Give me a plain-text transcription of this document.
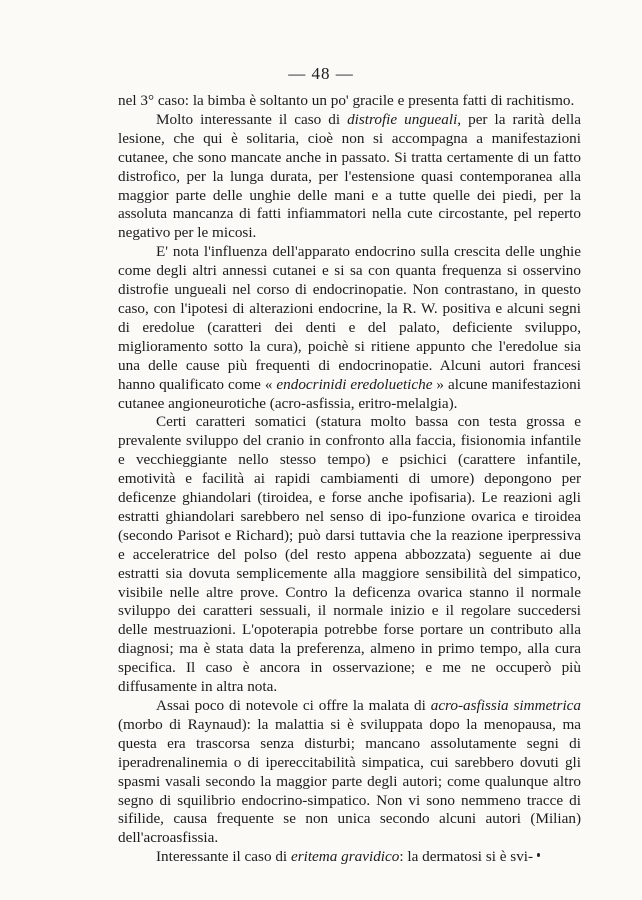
— 48 —

nel 3° caso: la bimba è soltanto un po' gracile e presenta fatti di rachitismo.

Molto interessante il caso di distrofie ungueali, per la rarità della lesione, che qui è solitaria, cioè non si accompagna a manifestazioni cutanee, che sono mancate anche in passato. Si tratta certamente di un fatto distrofico, per la lunga durata, per l'estensione quasi contemporanea alla maggior parte delle unghie delle mani e a tutte quelle dei piedi, per la assoluta mancanza di fatti infiammatori nella cute circostante, pel reperto negativo per le micosi.

E' nota l'influenza dell'apparato endocrino sulla crescita delle unghie come degli altri annessi cutanei e si sa con quanta frequenza si osservino distrofie ungueali nel corso di endocrinopatie. Non contrastano, in questo caso, con l'ipotesi di alterazioni endocrine, la R. W. positiva e alcuni segni di eredolue (caratteri dei denti e del palato, deficiente sviluppo, miglioramento sotto la cura), poichè si ritiene appunto che l'eredolue sia una delle cause più frequenti di endocrinopatie. Alcuni autori francesi hanno qualificato come « endocrinidi eredoluetiche » alcune manifestazioni cutanee angioneurotiche (acro-asfissia, eritro-melalgia).

Certi caratteri somatici (statura molto bassa con testa grossa e prevalente sviluppo del cranio in confronto alla faccia, fisionomia infantile e vecchieggiante nello stesso tempo) e psichici (carattere infantile, emotività e facilità ai rapidi cambiamenti di umore) depongono per deficenze ghiandolari (tiroidea, e forse anche ipofisaria). Le reazioni agli estratti ghiandolari sarebbero nel senso di ipo-funzione ovarica e tiroidea (secondo Parisot e Richard); può darsi tuttavia che la reazione iperpressiva e acceleratrice del polso (del resto appena abbozzata) seguente ai due estratti sia dovuta semplicemente alla maggiore sensibilità del simpatico, visibile nelle altre prove. Contro la deficenza ovarica stanno il normale sviluppo dei caratteri sessuali, il normale inizio e il regolare succedersi delle mestruazioni. L'opoterapia potrebbe forse portare un contributo alla diagnosi; ma è stata data la preferenza, almeno in primo tempo, alla cura specifica. Il caso è ancora in osservazione; e me ne occuperò più diffusamente in altra nota.

Assai poco di notevole ci offre la malata di acro-asfissia simmetrica (morbo di Raynaud): la malattia si è sviluppata dopo la menopausa, ma questa era trascorsa senza disturbi; mancano assolutamente segni di iperadrenalinemia o di ipereccitabilità simpatica, cui sarebbero dovuti gli spasmi vasali secondo la maggior parte degli autori; come qualunque altro segno di squilibrio endocrino-simpatico. Non vi sono nemmeno tracce di sifilide, causa frequente se non unica secondo alcuni autori (Milian) dell'acroasfissia.

Interessante il caso di eritema gravidico: la dermatosi si è svi-
